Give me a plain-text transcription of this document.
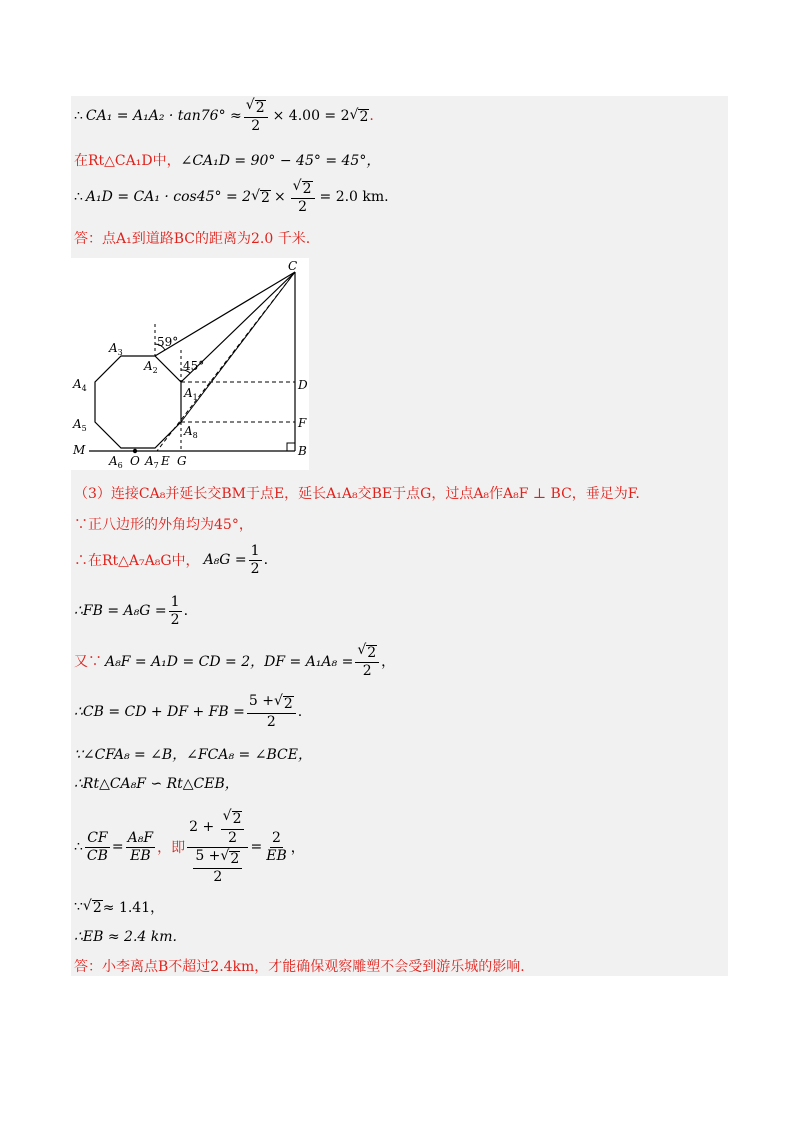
∴ $CA_1 = A_1A_2 \cdot \tan 76^\circ \approx \frac{√ 2}{2} \times 4.00 = 2$ √ 2 .
在Rt△CA₁D中， ∠CA₁D = 90° − 45° = 45°，
∴ A₁D = CA₁ · cos45° = 2 √ $2 \times \frac{√ 2}{2} = 2.0$ km.
答：点A₁到道路BC的距离为2.0 千米.
C
$A_3$
$A_2$
59°
45°
$A_4$	$A_1$
D
$A_5$	$A_8$
F
M	B
$A_6$ O $A_7$ E G
（3）连接CA₈并延长交BM于点E，延长A₁A₈交BE于点G，过点A₈作A₈F ⊥ BC，垂足为F.
∵正八边形的外角均为45°，
∴在Rt△A₇A₈G中， $A_8G = \frac{1}{2}$ .
∴FB = $A_8G = \frac{1}{2}$ .
又∵ A₈F = A₁D = CD = 2，DF = $A_1A_8 = \frac{√ 2}{2}$ ，
∴CB = CD + DF + FB = $\frac{5 + √ 2}{2}$ .
∵∠CFA₈ = ∠B，∠FCA₈ = ∠BCE，
∴Rt△CA₈F ∽ Rt△CEB，
∴ $\frac{CF}{CB} = \frac{\text{A₈F}}{EB}$ ，即 $\frac{2 + \frac{√ 2}{2}}{\frac{5 + √ 2}{2}} = \frac{2}{EB}$ ，
∵ √ 2 ≈ 1.41，
∴EB ≈ 2.4 km.
答：小李离点B不超过2.4km，才能确保观察雕塑不会受到游乐城的影响.
